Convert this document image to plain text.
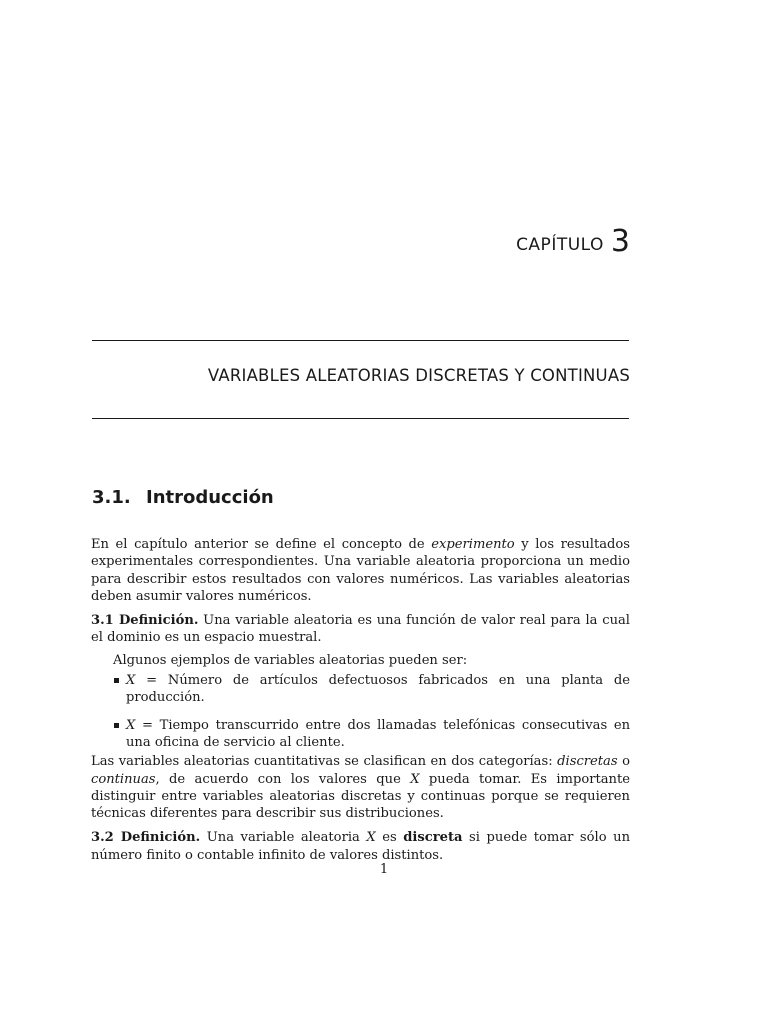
CAPÍTULO 3
VARIABLES ALEATORIAS DISCRETAS Y CONTINUAS
3.1. Introducción

En el capítulo anterior se define el concepto de experimento y los resultados experimentales correspondientes. Una variable aleatoria proporciona un medio para describir estos resultados con valores numéricos. Las variables aleatorias deben asumir valores numéricos.

3.1 Definición. Una variable aleatoria es una función de valor real para la cual el dominio es un espacio muestral.

Algunos ejemplos de variables aleatorias pueden ser:

X = Número de artículos defectuosos fabricados en una planta de producción.
X = Tiempo transcurrido entre dos llamadas telefónicas consecutivas en una oficina de servicio al cliente.

Las variables aleatorias cuantitativas se clasifican en dos categorías: discretas o continuas, de acuerdo con los valores que X pueda tomar. Es importante distinguir entre variables aleatorias discretas y continuas porque se requieren técnicas diferentes para describir sus distribuciones.

3.2 Definición. Una variable aleatoria X es discreta si puede tomar sólo un número finito o contable infinito de valores distintos.

1
